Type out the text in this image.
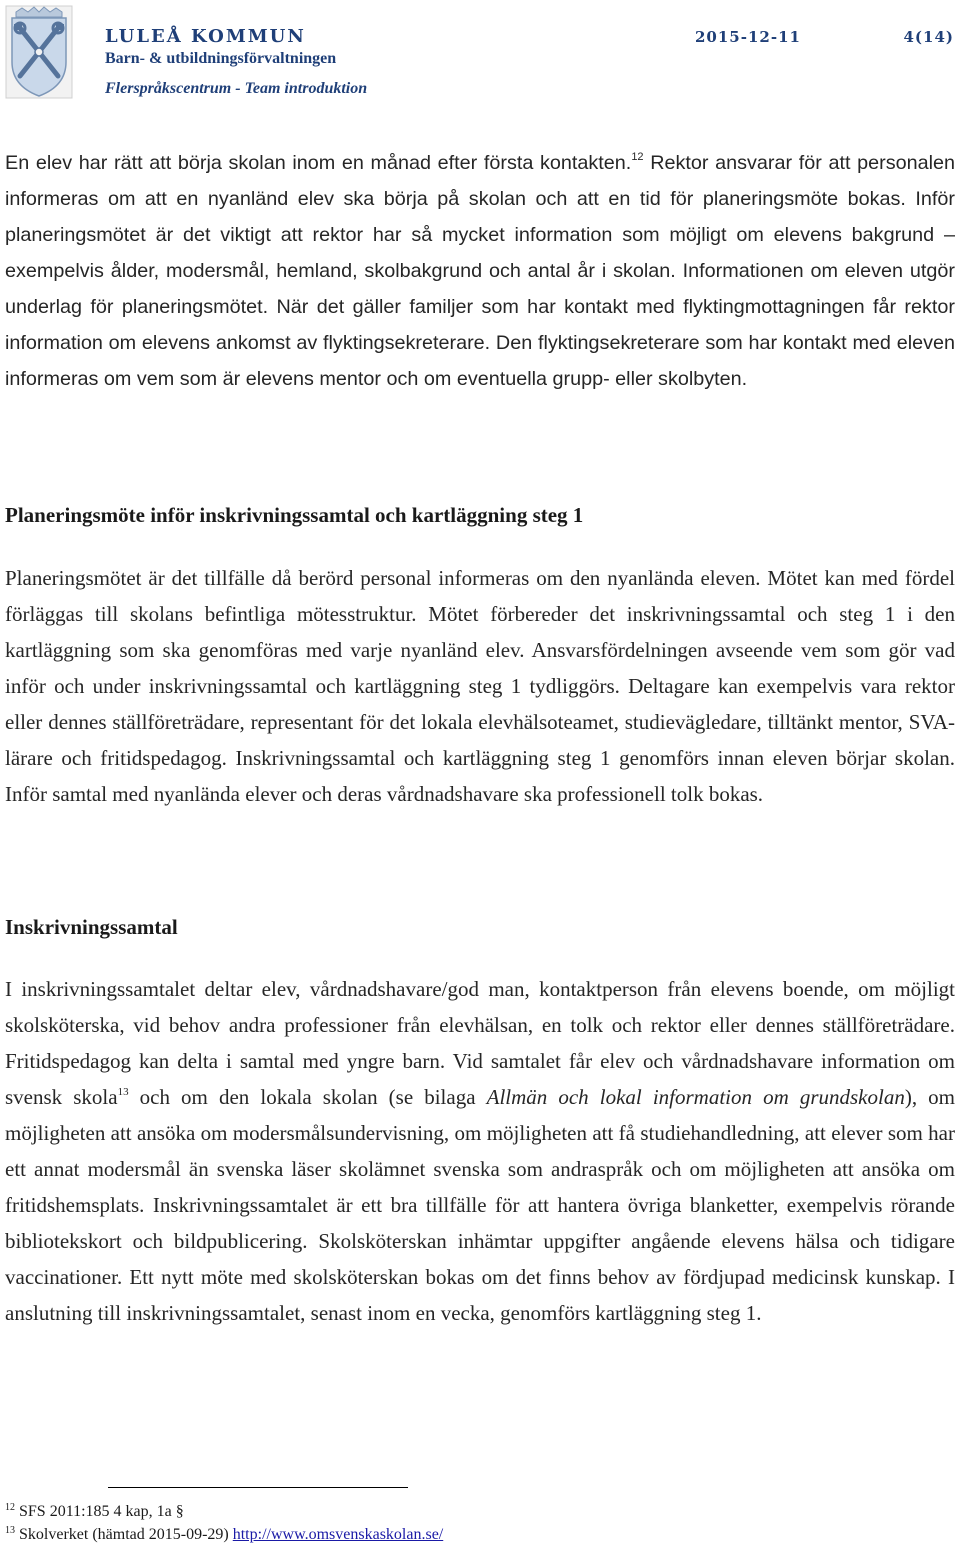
LULEÅ KOMMUN
Barn- & utbildningsförvaltningen
Flerspråkscentrum - Team introduktion
2015-12-11	4(14)

En elev har rätt att börja skolan inom en månad efter första kontakten.$^{12}$ Rektor ansvarar för att personalen informeras om att en nyanländ elev ska börja på skolan och att en tid för planeringsmöte bokas. Inför planeringsmötet är det viktigt att rektor har så mycket information som möjligt om elevens bakgrund – exempelvis ålder, modersmål, hemland, skolbakgrund och antal år i skolan. Informationen om eleven utgör underlag för planeringsmötet. När det gäller familjer som har kontakt med flyktingmottagningen får rektor information om elevens ankomst av flyktingsekreterare. Den flyktingsekreterare som har kontakt med eleven informeras om vem som är elevens mentor och om eventuella grupp- eller skolbyten.

Planeringsmöte inför inskrivningssamtal och kartläggning steg 1

Planeringsmötet är det tillfälle då berörd personal informeras om den nyanlända eleven. Mötet kan med fördel förläggas till skolans befintliga mötesstruktur. Mötet förbereder det inskrivningssamtal och steg 1 i den kartläggning som ska genomföras med varje nyanländ elev. Ansvarsfördelningen avseende vem som gör vad inför och under inskrivningssamtal och kartläggning steg 1 tydliggörs. Deltagare kan exempelvis vara rektor eller dennes ställföreträdare, representant för det lokala elevhälsoteamet, studievägledare, tilltänkt mentor, SVA-lärare och fritidspedagog. Inskrivningssamtal och kartläggning steg 1 genomförs innan eleven börjar skolan. Inför samtal med nyanlända elever och deras vårdnadshavare ska professionell tolk bokas.

Inskrivningssamtal

I inskrivningssamtalet deltar elev, vårdnadshavare/god man, kontaktperson från elevens boende, om möjligt skolsköterska, vid behov andra professioner från elevhälsan, en tolk och rektor eller dennes ställföreträdare. Fritidspedagog kan delta i samtal med yngre barn. Vid samtalet får elev och vårdnadshavare information om svensk skola$^{13}$ och om den lokala skolan (se bilaga Allmän och lokal information om grundskolan), om möjligheten att ansöka om modersmålsundervisning, om möjligheten att få studiehandledning, att elever som har ett annat modersmål än svenska läser skolämnet svenska som andraspråk och om möjligheten att ansöka om fritidshemsplats. Inskrivningssamtalet är ett bra tillfälle för att hantera övriga blanketter, exempelvis rörande bibliotekskort och bildpublicering. Skolsköterskan inhämtar uppgifter angående elevens hälsa och tidigare vaccinationer. Ett nytt möte med skolsköterskan bokas om det finns behov av fördjupad medicinsk kunskap. I anslutning till inskrivningssamtalet, senast inom en vecka, genomförs kartläggning steg 1.

$^{12}$ SFS 2011:185 4 kap, 1a §
$^{13}$ Skolverket (hämtad 2015-09-29) http://www.omsvenskaskolan.se/
